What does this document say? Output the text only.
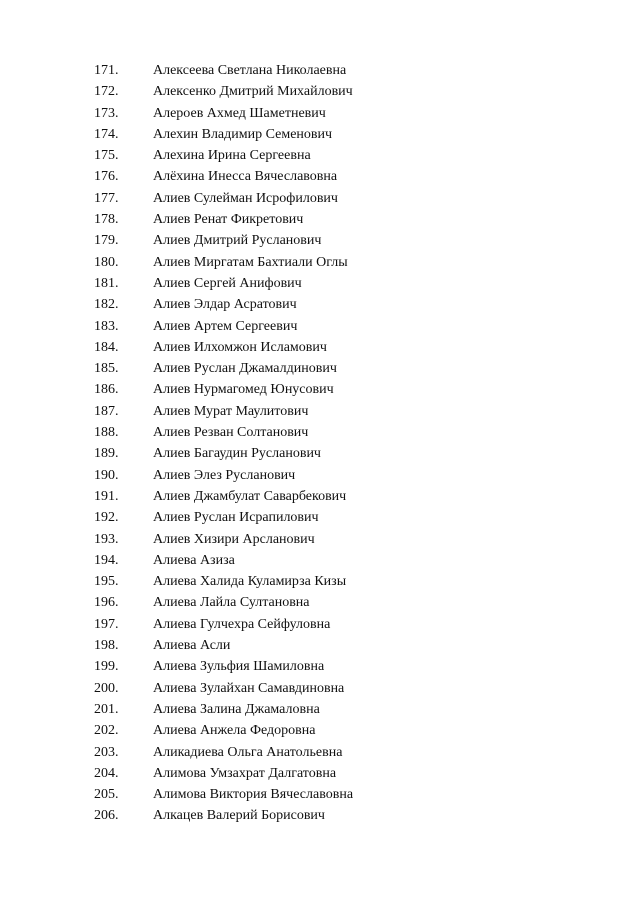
171. Алексеева Светлана Николаевна
172. Алексенко Дмитрий Михайлович
173. Алероев Ахмед Шаметневич
174. Алехин Владимир Семенович
175. Алехина Ирина Сергеевна
176. Алёхина Инесса Вячеславовна
177. Алиев Сулейман Исрофилович
178. Алиев Ренат Фикретович
179. Алиев Дмитрий Русланович
180. Алиев Миргатам Бахтиали Оглы
181. Алиев Сергей Анифович
182. Алиев Элдар Асратович
183. Алиев Артем Сергеевич
184. Алиев Илхомжон Исламович
185. Алиев Руслан Джамалдинович
186. Алиев Нурмагомед Юнусович
187. Алиев Мурат Маулитович
188. Алиев Резван Солтанович
189. Алиев Багаудин Русланович
190. Алиев Элез Русланович
191. Алиев Джамбулат Саварбекович
192. Алиев Руслан Исрапилович
193. Алиев Хизири Арсланович
194. Алиева Азиза
195. Алиева Халида Куламирза Кизы
196. Алиева Лайла Султановна
197. Алиева Гулчехра Сейфуловна
198. Алиева Асли
199. Алиева Зульфия Шамиловна
200. Алиева Зулайхан Самавдиновна
201. Алиева Залина Джамаловна
202. Алиева Анжела Федоровна
203. Аликадиева Ольга Анатольевна
204. Алимова Умзахрат Далгатовна
205. Алимова Виктория Вячеславовна
206. Алкацев Валерий Борисович
